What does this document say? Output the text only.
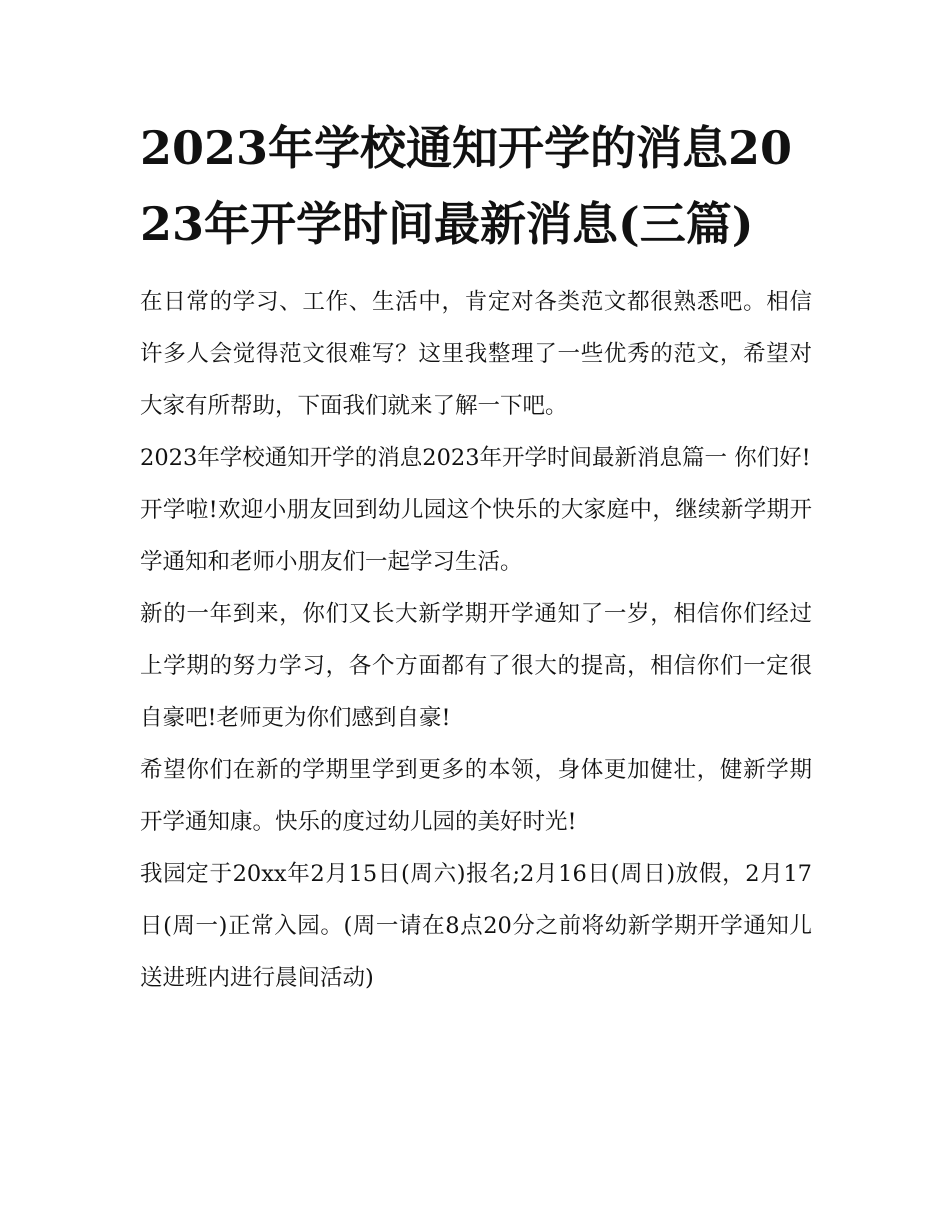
2023年学校通知开学的消息2023年开学时间最新消息(三篇)

在日常的学习、工作、生活中，肯定对各类范文都很熟悉吧。相信许多人会觉得范文很难写？这里我整理了一些优秀的范文，希望对大家有所帮助，下面我们就来了解一下吧。

2023年学校通知开学的消息2023年开学时间最新消息篇一 你们好!

开学啦!欢迎小朋友回到幼儿园这个快乐的大家庭中，继续新学期开学通知和老师小朋友们一起学习生活。

新的一年到来，你们又长大新学期开学通知了一岁，相信你们经过上学期的努力学习，各个方面都有了很大的提高，相信你们一定很自豪吧!老师更为你们感到自豪!

希望你们在新的学期里学到更多的本领，身体更加健壮，健新学期开学通知康。快乐的度过幼儿园的美好时光!

我园定于20xx年2月15日(周六)报名;2月16日(周日)放假，2月17日(周一)正常入园。(周一请在8点20分之前将幼新学期开学通知儿送进班内进行晨间活动)
